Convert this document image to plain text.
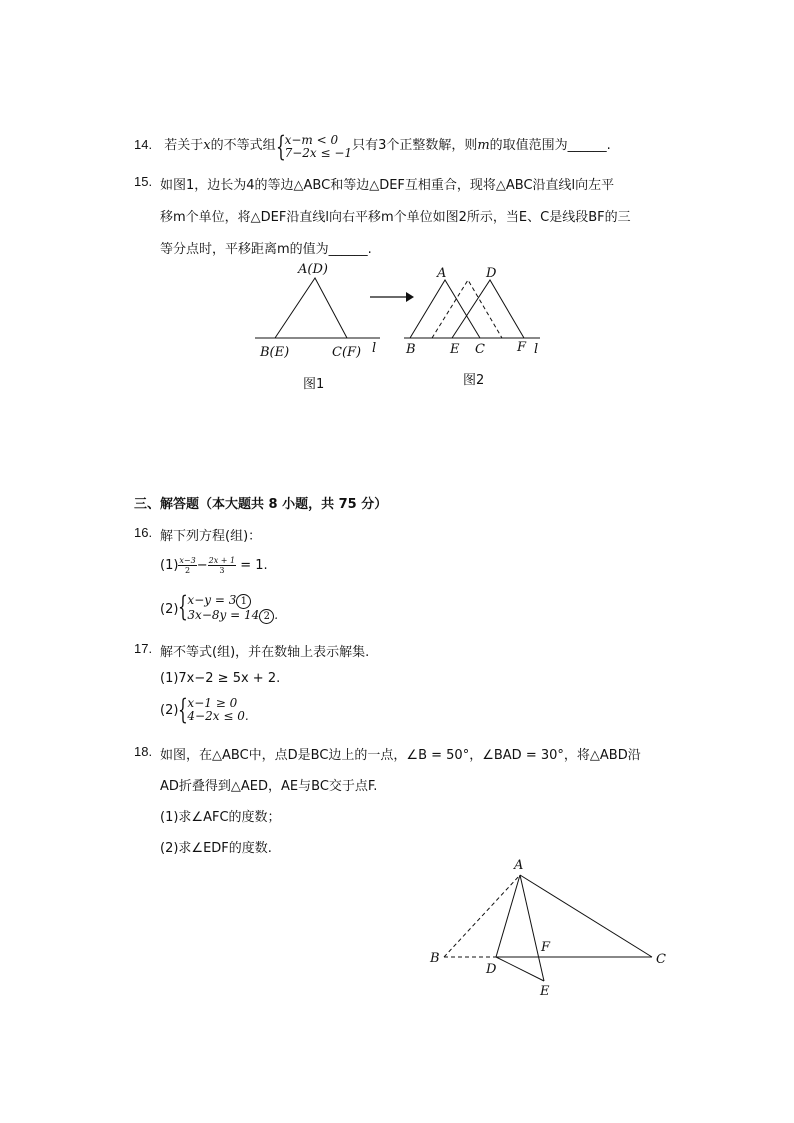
14. 若关于x的不等式组 { x−m < 0
7−2x ≤ −1 只有3个正整数解，则m的取值范围为______.
15. 如图1，边长为4的等边△ABC和等边△DEF互相重合，现将△ABC沿直线l向左平
移m个单位，将△DEF沿直线l向右平移m个单位如图2所示，当E、C是线段BF的三
等分点时，平移距离m的值为______.
A(D)
B(E)	C(F) l
图1
A	D
B	E C F l
图2
三、解答题（本大题共 8 小题，共 75 分）
16. 解下列方程(组)：
$(1) \frac{x-3}{2} - \frac{2x + 1}{3} = 1$.
(2) { x−y = 3 1
3x−8y = 14 2 .
17. 解不等式(组)，并在数轴上表示解集.
(1)7x−2 ≥ 5x + 2.
(2) { x−1 ≥ 0
4−2x ≤ 0.
18. 如图，在△ABC中，点D是BC边上的一点，∠B = 50°，∠BAD = 30°，将△ABD沿
AD折叠得到△AED，AE与BC交于点F.
(1)求∠AFC的度数；
(2)求∠EDF的度数.
A
B	C
D
E
F
